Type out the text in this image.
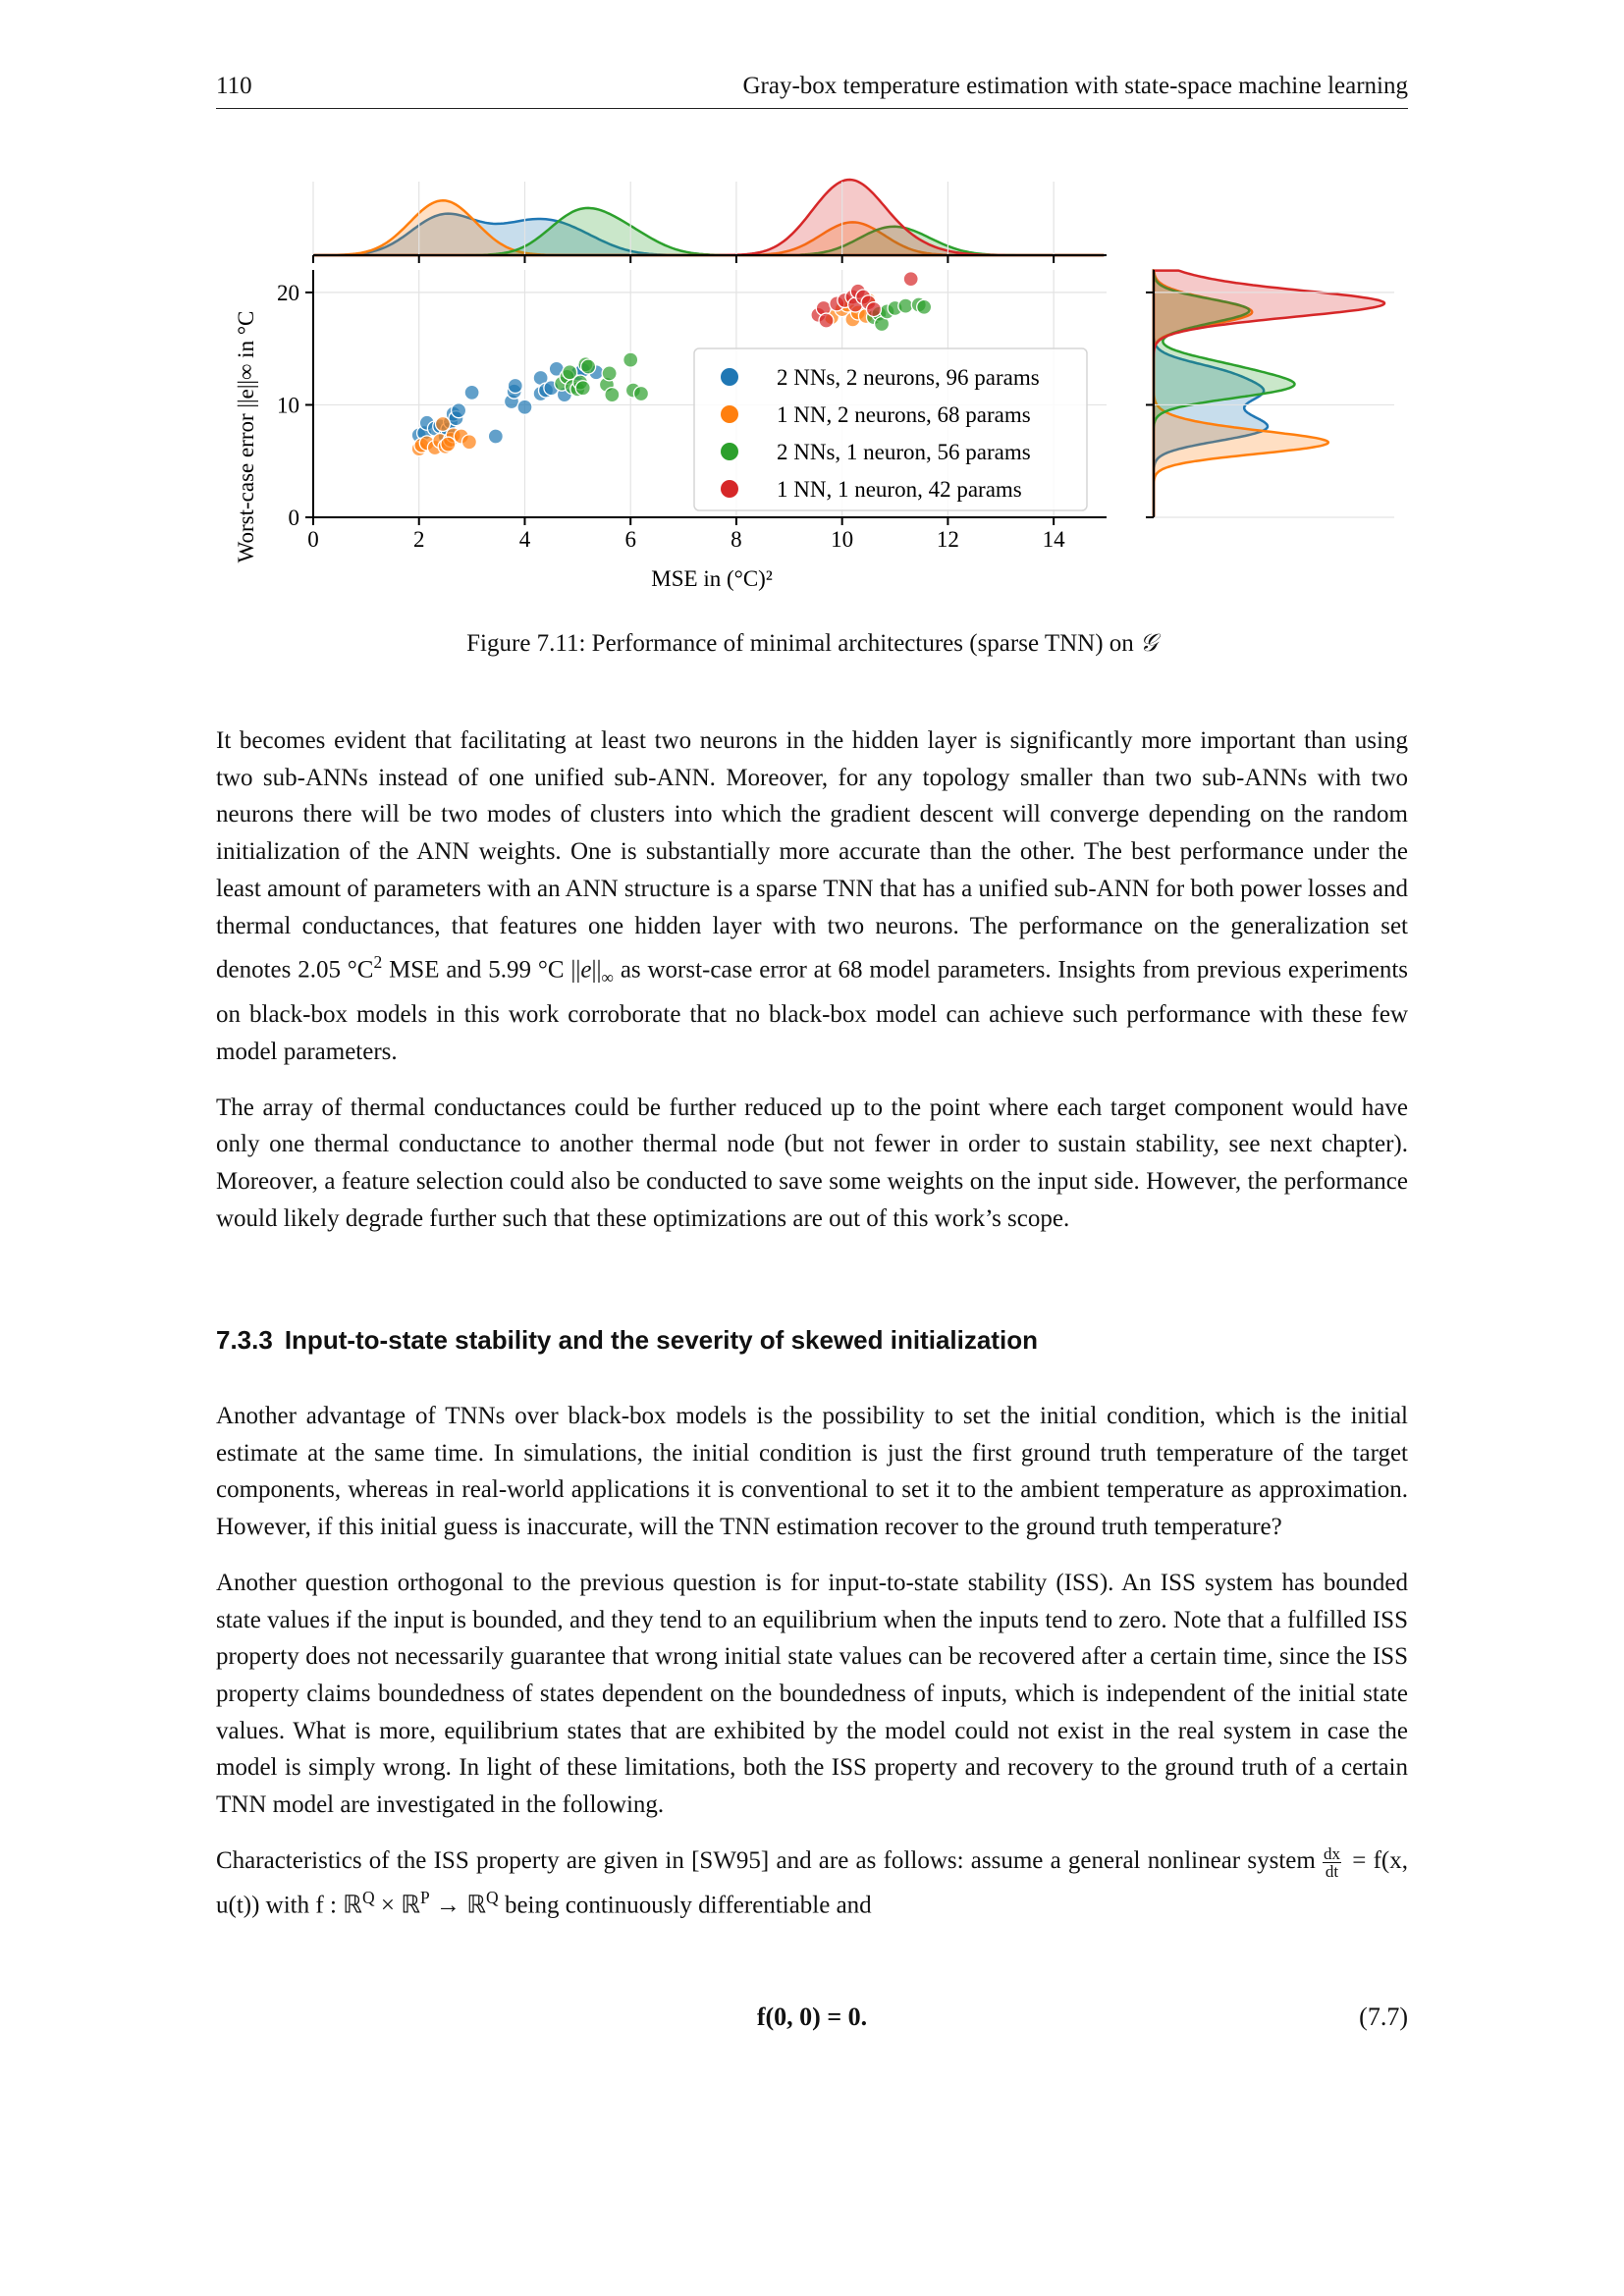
110	Gray-box temperature estimation with state-space machine learning
0	2	4	6	8	10	12	14
0
10
20
2 NNs, 2 neurons, 96 params
1 NN, 2 neurons, 68 params
2 NNs, 1 neuron, 56 params
1 NN, 1 neuron, 42 params
MSE in (°C)²
Worst-case error ||e||∞ in °C
Figure 7.11: Performance of minimal architectures (sparse TNN) on 𝒢

It becomes evident that facilitating at least two neurons in the hidden layer is significantly more important than using two sub-ANNs instead of one unified sub-ANN. Moreover, for any topology smaller than two sub-ANNs with two neurons there will be two modes of clusters into which the gradient descent will converge depending on the random initialization of the ANN weights. One is substantially more accurate than the other. The best performance under the least amount of parameters with an ANN structure is a sparse TNN that has a unified sub-ANN for both power losses and thermal conductances, that features one hidden layer with two neurons. The performance on the generalization set denotes 2.05 $^\circ C^2$ MSE and 5.99 °C $||e||_\infty$ as worst-case error at 68 model parameters. Insights from previous experiments on black-box models in this work corroborate that no black-box model can achieve such performance with these few model parameters.

The array of thermal conductances could be further reduced up to the point where each target component would have only one thermal conductance to another thermal node (but not fewer in order to sustain stability, see next chapter). Moreover, a feature selection could also be conducted to save some weights on the input side. However, the performance would likely degrade further such that these optimizations are out of this work’s scope.

7.3.3 Input-to-state stability and the severity of skewed initialization

Another advantage of TNNs over black-box models is the possibility to set the initial condition, which is the initial estimate at the same time. In simulations, the initial condition is just the first ground truth temperature of the target components, whereas in real-world applications it is conventional to set it to the ambient temperature as approximation. However, if this initial guess is inaccurate, will the TNN estimation recover to the ground truth temperature?

Another question orthogonal to the previous question is for input-to-state stability (ISS). An ISS system has bounded state values if the input is bounded, and they tend to an equilibrium when the inputs tend to zero. Note that a fulfilled ISS property does not necessarily guarantee that wrong initial state values can be recovered after a certain time, since the ISS property claims boundedness of states dependent on the boundedness of inputs, which is independent of the initial state values. What is more, equilibrium states that are exhibited by the model could not exist in the real system in case the model is simply wrong. In light of these limitations, both the ISS property and recovery to the ground truth of a certain TNN model are investigated in the following.

Characteristics of the ISS property are given in [SW95] and are as follows: assume a general nonlinear system $\frac{dx}{dt} = f(x$, u(t)) with f : ℝ$^Q$ × ℝ$^P$ → ℝ$^Q$ being continuously differentiable and

f(0, 0) = 0.	(7.7)
